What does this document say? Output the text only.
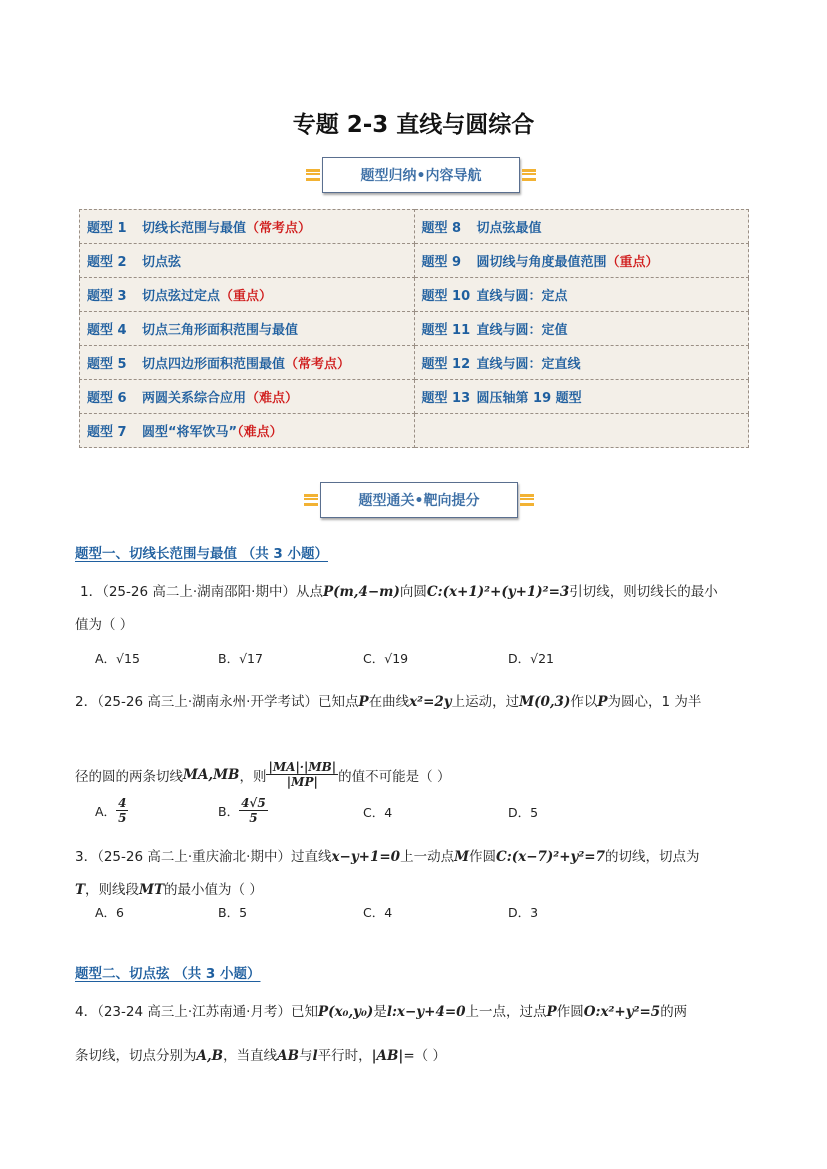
专题 2-3 直线与圆综合
题型归纳•内容导航
题型 1 切线长范围与最值（常考点）	题型 8 切点弦最值
题型 2 切点弦	题型 9 圆切线与角度最值范围（重点）
题型 3 切点弦过定点（重点）	题型 10 直线与圆：定点
题型 4 切点三角形面积范围与最值	题型 11 直线与圆：定值
题型 5 切点四边形面积范围最值（常考点）	题型 12 直线与圆：定直线
题型 6 两圆关系综合应用（难点）	题型 13 圆压轴第 19 题型
题型 7 圆型“将军饮马”（难点）	
题型通关•靶向提分
题型一、切线长范围与最值 （共 3 小题）
1．（25-26 高二上·湖南邵阳·期中）从点P(m,4−m)向圆C:(x+1)²+(y+1)²=3引切线，则切线长的最小
值为（ ）
A．√15	B．√17	C．√19	D．√21
2．（25-26 高三上·湖南永州·开学考试）已知点P在曲线x²=2y上运动，过M(0,3)作以P为圆心，1 为半
径的圆的两条切线 MA,MB ，则 $\frac{|MA|\cdot|MB|}{|MP|}$ 的值不可能是（ ）
A． $\frac{4}{5}$	B． $\frac{4√5}{5}$	C．4	D．5
3．（25-26 高二上·重庆渝北·期中）过直线x−y+1=0上一动点M作圆C:(x−7)²+y²=7的切线，切点为
T，则线段MT的最小值为（ ）
A．6	B．5	C．4	D．3
题型二、切点弦 （共 3 小题）
4．（23-24 高三上·江苏南通·月考）已知P(x₀,y₀)是l:x−y+4=0上一点，过点P作圆O:x²+y²=5的两
条切线，切点分别为A,B，当直线AB与l平行时，|AB|=（ ）
